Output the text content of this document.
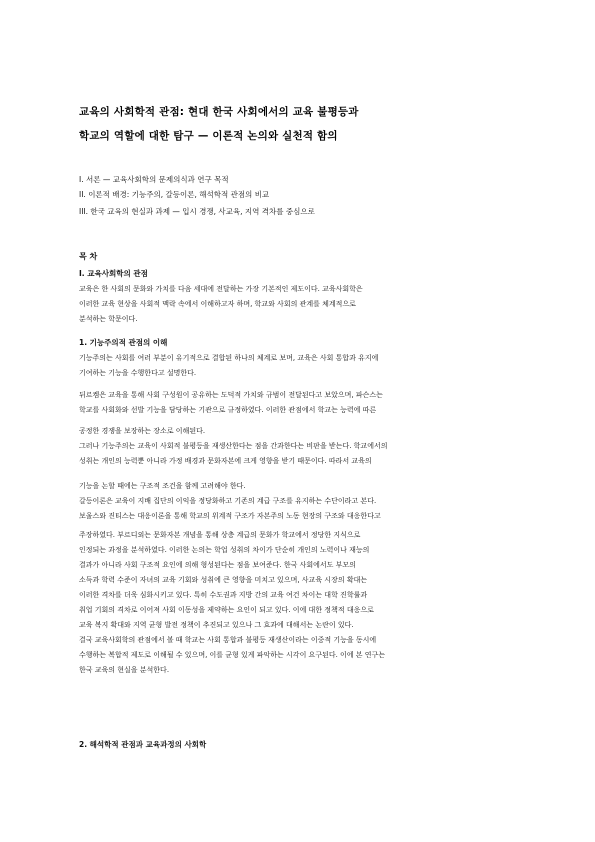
교육의 사회학적 관점: 현대 한국 사회에서의 교육 불평등과
학교의 역할에 대한 탐구 — 이론적 논의와 실천적 함의
I. 서론 — 교육사회학의 문제의식과 연구 목적
II. 이론적 배경: 기능주의, 갈등이론, 해석학적 관점의 비교
III. 한국 교육의 현실과 과제 — 입시 경쟁, 사교육, 지역 격차를 중심으로
목 차
I. 교육사회학의 관점
교육은 한 사회의 문화와 가치를 다음 세대에 전달하는 가장 기본적인 제도이다. 교육사회학은
이러한 교육 현상을 사회적 맥락 속에서 이해하고자 하며, 학교와 사회의 관계를 체계적으로
분석하는 학문이다.
1. 기능주의적 관점의 이해
기능주의는 사회를 여러 부분이 유기적으로 결합된 하나의 체계로 보며, 교육은 사회 통합과 유지에
기여하는 기능을 수행한다고 설명한다.
뒤르켐은 교육을 통해 사회 구성원이 공유하는 도덕적 가치와 규범이 전달된다고 보았으며, 파슨스는
학교를 사회화와 선발 기능을 담당하는 기관으로 규정하였다. 이러한 관점에서 학교는 능력에 따른
공정한 경쟁을 보장하는 장소로 이해된다.
그러나 기능주의는 교육이 사회적 불평등을 재생산한다는 점을 간과한다는 비판을 받는다. 학교에서의
성취는 개인의 능력뿐 아니라 가정 배경과 문화자본에 크게 영향을 받기 때문이다. 따라서 교육의
기능을 논할 때에는 구조적 조건을 함께 고려해야 한다.
갈등이론은 교육이 지배 집단의 이익을 정당화하고 기존의 계급 구조를 유지하는 수단이라고 본다.
보울스와 진티스는 대응이론을 통해 학교의 위계적 구조가 자본주의 노동 현장의 구조와 대응한다고
주장하였다. 부르디외는 문화자본 개념을 통해 상층 계급의 문화가 학교에서 정당한 지식으로
인정되는 과정을 분석하였다. 이러한 논의는 학업 성취의 차이가 단순히 개인의 노력이나 재능의
결과가 아니라 사회 구조적 요인에 의해 형성된다는 점을 보여준다. 한국 사회에서도 부모의
소득과 학력 수준이 자녀의 교육 기회와 성취에 큰 영향을 미치고 있으며, 사교육 시장의 확대는
이러한 격차를 더욱 심화시키고 있다. 특히 수도권과 지방 간의 교육 여건 차이는 대학 진학률과
취업 기회의 격차로 이어져 사회 이동성을 제약하는 요인이 되고 있다. 이에 대한 정책적 대응으로
교육 복지 확대와 지역 균형 발전 정책이 추진되고 있으나 그 효과에 대해서는 논란이 있다.
결국 교육사회학의 관점에서 볼 때 학교는 사회 통합과 불평등 재생산이라는 이중적 기능을 동시에
수행하는 복합적 제도로 이해될 수 있으며, 이를 균형 있게 파악하는 시각이 요구된다. 이에 본 연구는
한국 교육의 현실을 분석한다.
2. 해석학적 관점과 교육과정의 사회학
